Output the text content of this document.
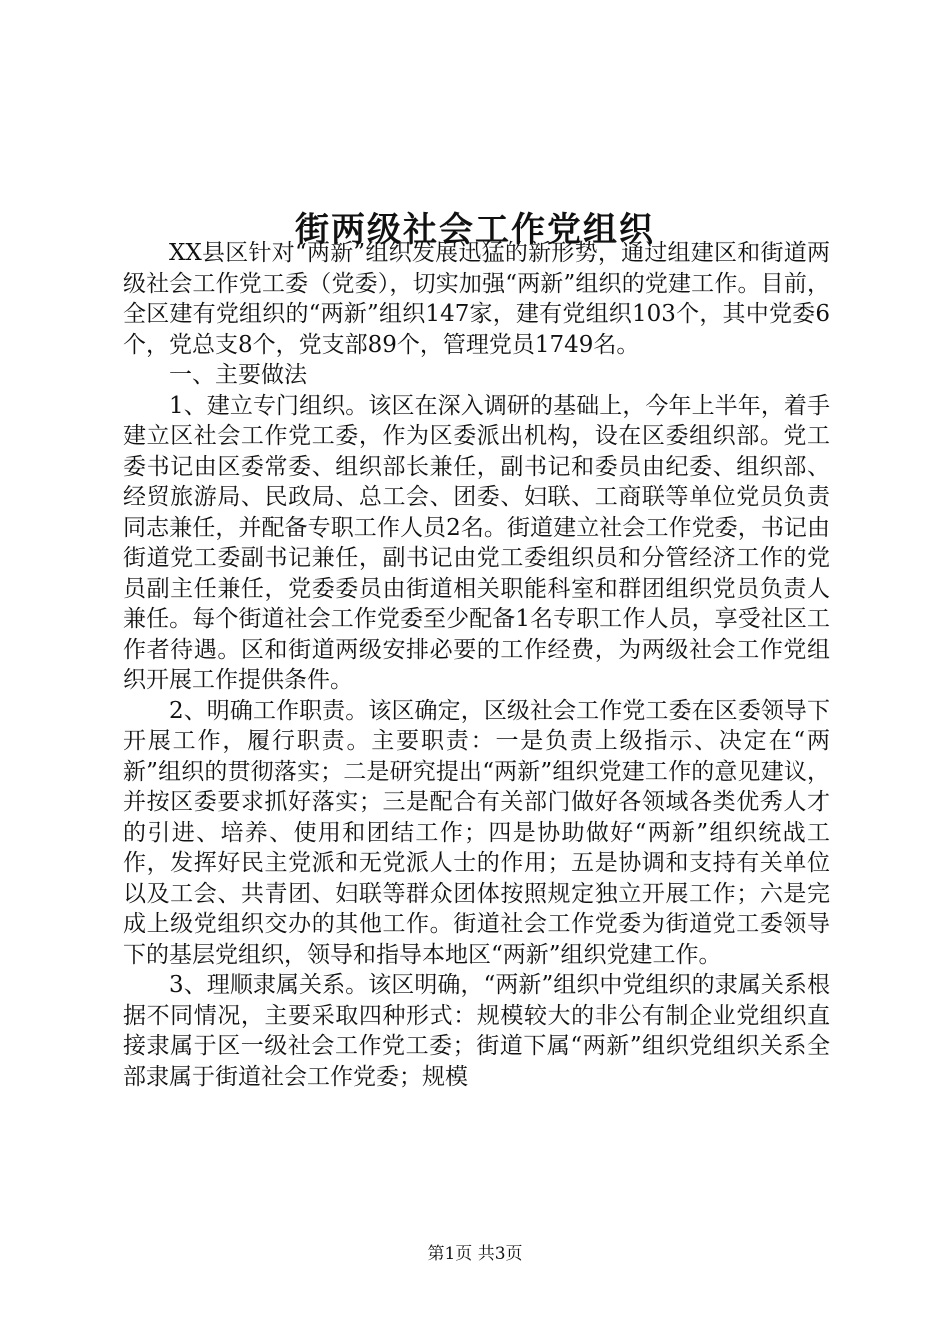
街两级社会工作党组织

XX县区针对“两新”组织发展迅猛的新形势，通过组建区和街道两级社会工作党工委（党委），切实加强“两新”组织的党建工作。目前，全区建有党组织的“两新”组织147家，建有党组织103个，其中党委6个，党总支8个，党支部89个，管理党员1749名。

一、主要做法

1、建立专门组织。该区在深入调研的基础上，今年上半年，着手建立区社会工作党工委，作为区委派出机构，设在区委组织部。党工委书记由区委常委、组织部长兼任，副书记和委员由纪委、组织部、经贸旅游局、民政局、总工会、团委、妇联、工商联等单位党员负责同志兼任，并配备专职工作人员2名。街道建立社会工作党委，书记由街道党工委副书记兼任，副书记由党工委组织员和分管经济工作的党员副主任兼任，党委委员由街道相关职能科室和群团组织党员负责人兼任。每个街道社会工作党委至少配备1名专职工作人员，享受社区工作者待遇。区和街道两级安排必要的工作经费，为两级社会工作党组织开展工作提供条件。

2、明确工作职责。该区确定，区级社会工作党工委在区委领导下开展工作，履行职责。主要职责：一是负责上级指示、决定在“两新”组织的贯彻落实；二是研究提出“两新”组织党建工作的意见建议，并按区委要求抓好落实；三是配合有关部门做好各领域各类优秀人才的引进、培养、使用和团结工作；四是协助做好“两新”组织统战工作，发挥好民主党派和无党派人士的作用；五是协调和支持有关单位以及工会、共青团、妇联等群众团体按照规定独立开展工作；六是完成上级党组织交办的其他工作。街道社会工作党委为街道党工委领导下的基层党组织，领导和指导本地区“两新”组织党建工作。

3、理顺隶属关系。该区明确，“两新”组织中党组织的隶属关系根据不同情况，主要采取四种形式：规模较大的非公有制企业党组织直接隶属于区一级社会工作党工委；街道下属“两新”组织党组织关系全部隶属于街道社会工作党委；规模

第1页 共3页
